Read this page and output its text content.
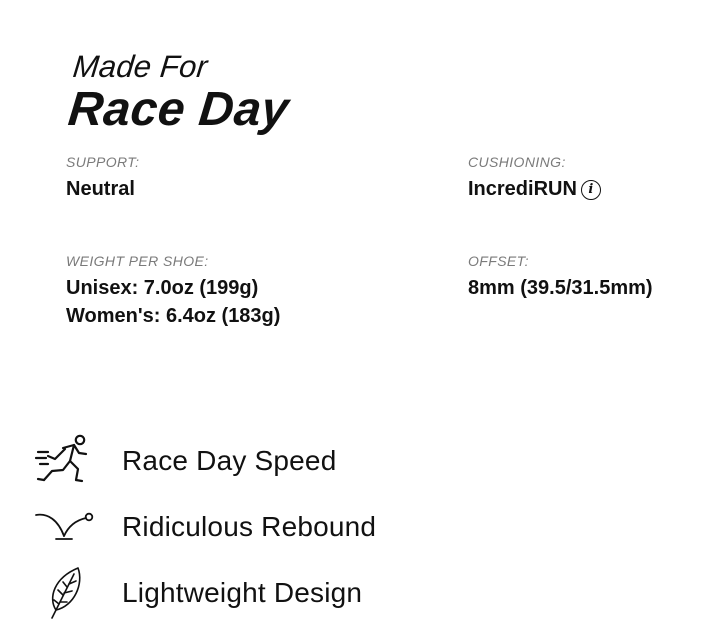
Made For
Race Day
SUPPORT:
Neutral
CUSHIONING:
IncrediRUN i
WEIGHT PER SHOE:
Unisex: 7.0oz (199g)
Women's: 6.4oz (183g)
OFFSET:
8mm (39.5/31.5mm)
Race Day Speed
Ridiculous Rebound
Lightweight Design
